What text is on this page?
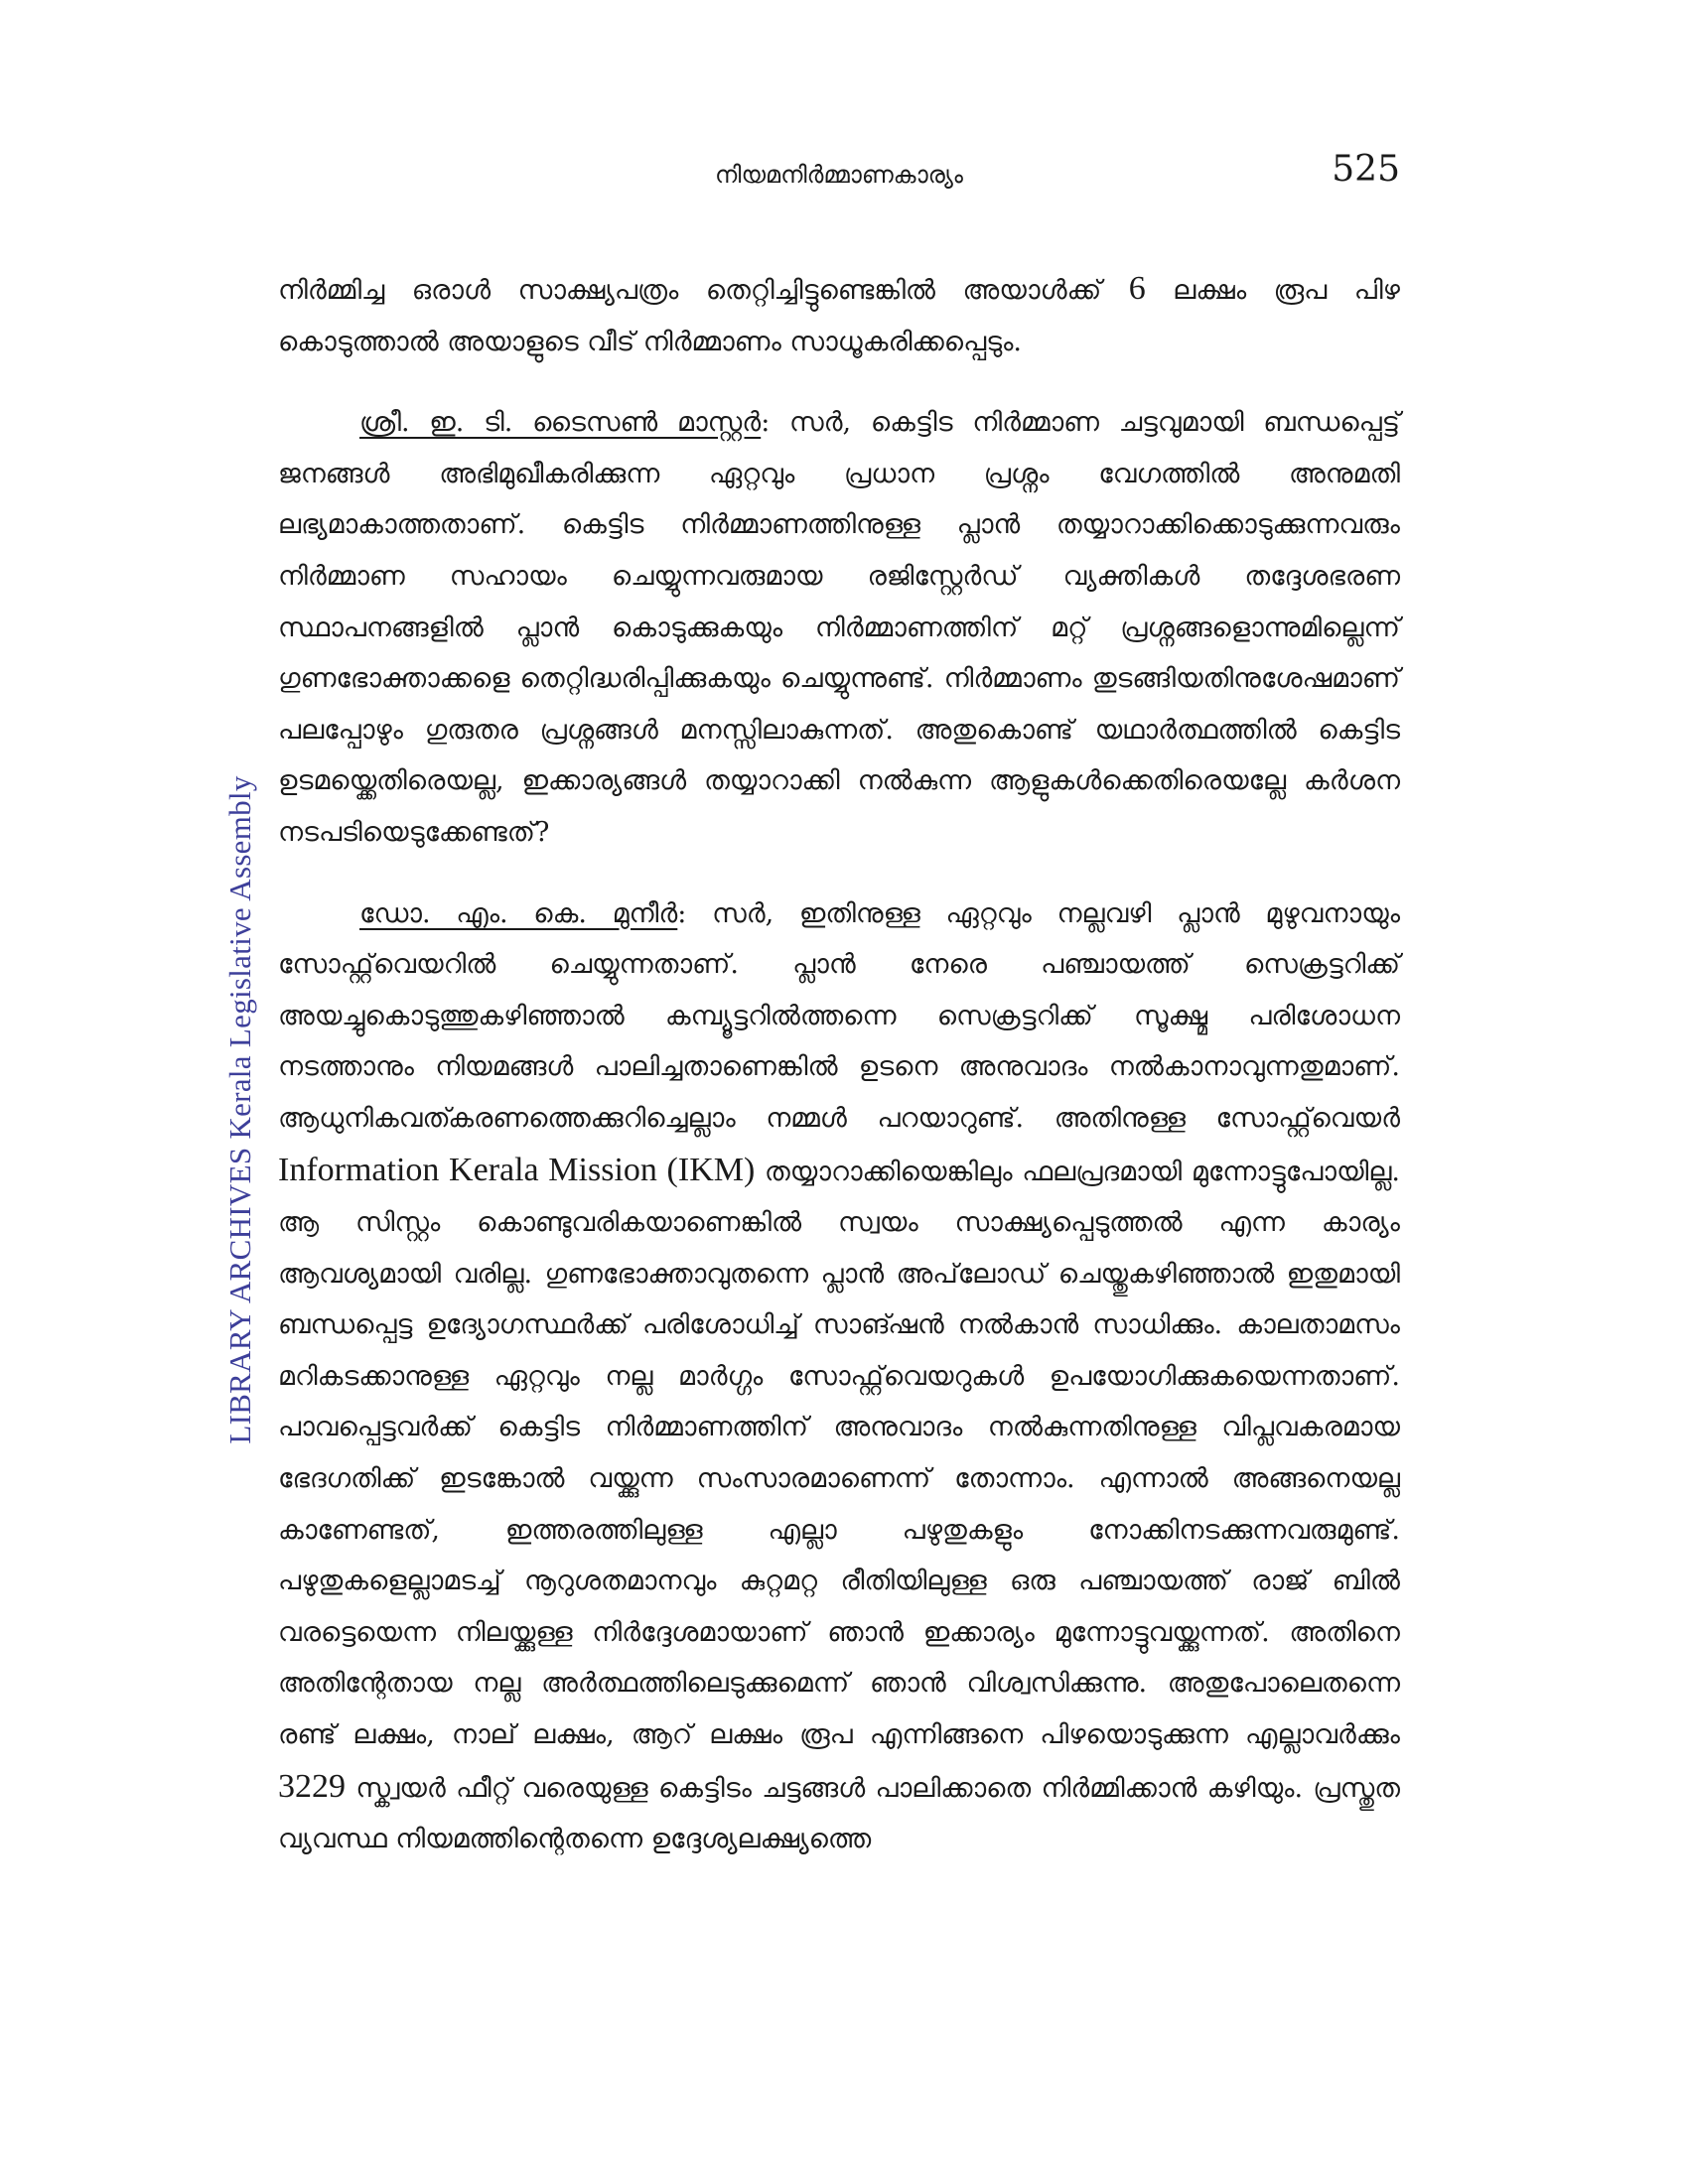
നിയമനിർമ്മാണകാര്യം	525
LIBRARY ARCHIVES Kerala Legislative Assembly

നിർമ്മിച്ച ഒരാൾ സാക്ഷ്യപത്രം തെറ്റിച്ചിട്ടുണ്ടെങ്കിൽ അയാൾക്ക് 6 ലക്ഷം രൂപ പിഴ കൊടുത്താൽ അയാളുടെ വീട് നിർമ്മാണം സാധൂകരിക്കപ്പെടും.

ശ്രീ. ഇ. ടി. ടൈസൺ മാസ്റ്റർ: സർ, കെട്ടിട നിർമ്മാണ ചട്ടവുമായി ബന്ധപ്പെട്ട് ജനങ്ങൾ അഭിമുഖീകരിക്കുന്ന ഏറ്റവും പ്രധാന പ്രശ്നം വേഗത്തിൽ അനുമതി ലഭ്യമാകാത്തതാണ്. കെട്ടിട നിർമ്മാണത്തിനുള്ള പ്ലാൻ തയ്യാറാക്കിക്കൊടുക്കുന്നവരും നിർമ്മാണ സഹായം ചെയ്യുന്നവരുമായ രജിസ്റ്റേർഡ് വ്യക്തികൾ തദ്ദേശഭരണ സ്ഥാപനങ്ങളിൽ പ്ലാൻ കൊടുക്കുകയും നിർമ്മാണത്തിന് മറ്റ് പ്രശ്നങ്ങളൊന്നുമില്ലെന്ന് ഗുണഭോക്താക്കളെ തെറ്റിദ്ധരിപ്പിക്കുകയും ചെയ്യുന്നുണ്ട്. നിർമ്മാണം തുടങ്ങിയതിനുശേഷമാണ് പലപ്പോഴും ഗുരുതര പ്രശ്നങ്ങൾ മനസ്സിലാകുന്നത്. അതുകൊണ്ട് യഥാർത്ഥത്തിൽ കെട്ടിട ഉടമയ്ക്കെതിരെയല്ല, ഇക്കാര്യങ്ങൾ തയ്യാറാക്കി നൽകുന്ന ആളുകൾക്കെതിരെയല്ലേ കർശന നടപടിയെടുക്കേണ്ടത്?

ഡോ. എം. കെ. മുനീർ: സർ, ഇതിനുള്ള ഏറ്റവും നല്ലവഴി പ്ലാൻ മുഴുവനായും സോഫ്റ്റ്‌വെയറിൽ ചെയ്യുന്നതാണ്. പ്ലാൻ നേരെ പഞ്ചായത്ത് സെക്രട്ടറിക്ക് അയച്ചുകൊടുത്തുകഴിഞ്ഞാൽ കമ്പ്യൂട്ടറിൽത്തന്നെ സെക്രട്ടറിക്ക് സൂക്ഷ്മ പരിശോധന നടത്താനും നിയമങ്ങൾ പാലിച്ചതാണെങ്കിൽ ഉടനെ അനുവാദം നൽകാനാവുന്നതുമാണ്. ആധുനികവത്കരണത്തെക്കുറിച്ചെല്ലാം നമ്മൾ പറയാറുണ്ട്. അതിനുള്ള സോഫ്റ്റ്‌വെയർ Information Kerala Mission (IKM) തയ്യാറാക്കിയെങ്കിലും ഫലപ്രദമായി മുന്നോട്ടുപോയില്ല. ആ സിസ്റ്റം കൊണ്ടുവരികയാണെങ്കിൽ സ്വയം സാക്ഷ്യപ്പെടുത്തൽ എന്ന കാര്യം ആവശ്യമായി വരില്ല. ഗുണഭോക്താവുതന്നെ പ്ലാൻ അപ്‌ലോഡ് ചെയ്തുകഴിഞ്ഞാൽ ഇതുമായി ബന്ധപ്പെട്ട ഉദ്യോഗസ്ഥർക്ക് പരിശോധിച്ച് സാങ്ഷൻ നൽകാൻ സാധിക്കും. കാലതാമസം മറികടക്കാനുള്ള ഏറ്റവും നല്ല മാർഗ്ഗം സോഫ്റ്റ്‌വെയറുകൾ ഉപയോഗിക്കുകയെന്നതാണ്. പാവപ്പെട്ടവർക്ക് കെട്ടിട നിർമ്മാണത്തിന് അനുവാദം നൽകുന്നതിനുള്ള വിപ്ലവകരമായ ഭേദഗതിക്ക് ഇടങ്കോൽ വയ്ക്കുന്ന സംസാരമാണെന്ന് തോന്നാം. എന്നാൽ അങ്ങനെയല്ല കാണേണ്ടത്, ഇത്തരത്തിലുള്ള എല്ലാ പഴുതുകളും നോക്കിനടക്കുന്നവരുമുണ്ട്. പഴുതുകളെല്ലാമടച്ച് നൂറുശതമാനവും കുറ്റമറ്റ രീതിയിലുള്ള ഒരു പഞ്ചായത്ത് രാജ് ബിൽ വരട്ടെയെന്ന നിലയ്ക്കുള്ള നിർദ്ദേശമായാണ് ഞാൻ ഇക്കാര്യം മുന്നോട്ടുവയ്ക്കുന്നത്. അതിനെ അതിന്റേതായ നല്ല അർത്ഥത്തിലെടുക്കുമെന്ന് ഞാൻ വിശ്വസിക്കുന്നു. അതുപോലെതന്നെ രണ്ട് ലക്ഷം, നാല് ലക്ഷം, ആറ് ലക്ഷം രൂപ എന്നിങ്ങനെ പിഴയൊടുക്കുന്ന എല്ലാവർക്കും 3229 സ്ക്വയർ ഫീറ്റ് വരെയുള്ള കെട്ടിടം ചട്ടങ്ങൾ പാലിക്കാതെ നിർമ്മിക്കാൻ കഴിയും. പ്രസ്തുത വ്യവസ്ഥ നിയമത്തിന്റെതന്നെ ഉദ്ദേശ്യലക്ഷ്യത്തെ
